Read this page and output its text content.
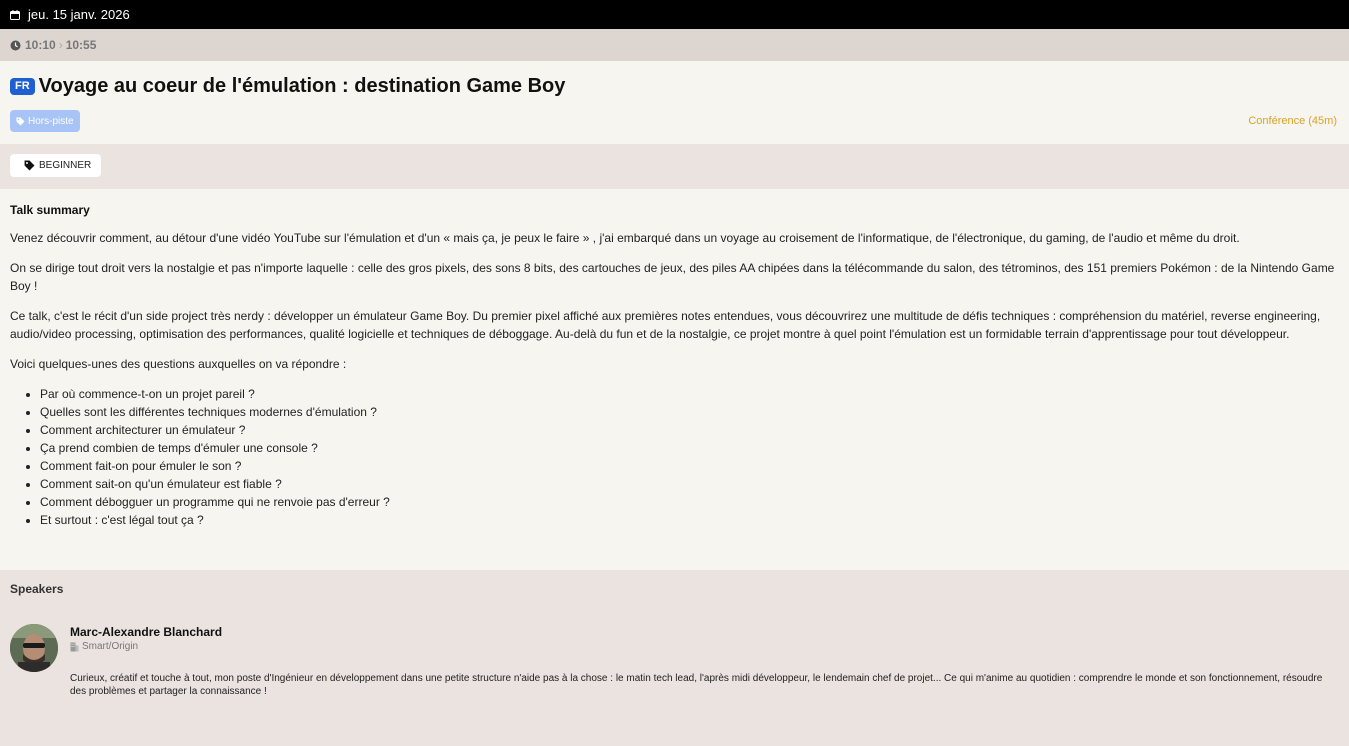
jeu. 15 janv. 2026
10:10 › 10:55
FR Voyage au coeur de l'émulation : destination Game Boy
Hors-piste	Conférence (45m)
BEGINNER
Talk summary

Venez découvrir comment, au détour d'une vidéo YouTube sur l'émulation et d'un « mais ça, je peux le faire » , j'ai embarqué dans un voyage au croisement de l'informatique, de l'électronique, du gaming, de l'audio et même du droit.

On se dirige tout droit vers la nostalgie et pas n'importe laquelle : celle des gros pixels, des sons 8 bits, des cartouches de jeux, des piles AA chipées dans la télécommande du salon, des tétrominos, des 151 premiers Pokémon : de la Nintendo Game Boy !

Ce talk, c'est le récit d'un side project très nerdy : développer un émulateur Game Boy. Du premier pixel affiché aux premières notes entendues, vous découvrirez une multitude de défis techniques : compréhension du matériel, reverse engineering, audio/video processing, optimisation des performances, qualité logicielle et techniques de déboggage. Au-delà du fun et de la nostalgie, ce projet montre à quel point l'émulation est un formidable terrain d'apprentissage pour tout développeur.

Voici quelques-unes des questions auxquelles on va répondre :

• Par où commence-t-on un projet pareil ?
• Quelles sont les différentes techniques modernes d'émulation ?
• Comment architecturer un émulateur ?
• Ça prend combien de temps d'émuler une console ?
• Comment fait-on pour émuler le son ?
• Comment sait-on qu'un émulateur est fiable ?
• Comment débogguer un programme qui ne renvoie pas d'erreur ?
• Et surtout : c'est légal tout ça ?
Speakers
Marc-Alexandre Blanchard
Smart/Origin
Curieux, créatif et touche à tout, mon poste d'Ingénieur en développement dans une petite structure n'aide pas à la chose : le matin tech lead, l'après midi développeur, le lendemain chef de projet... Ce qui m'anime au quotidien : comprendre le monde et son fonctionnement, résoudre des problèmes et partager la connaissance !
